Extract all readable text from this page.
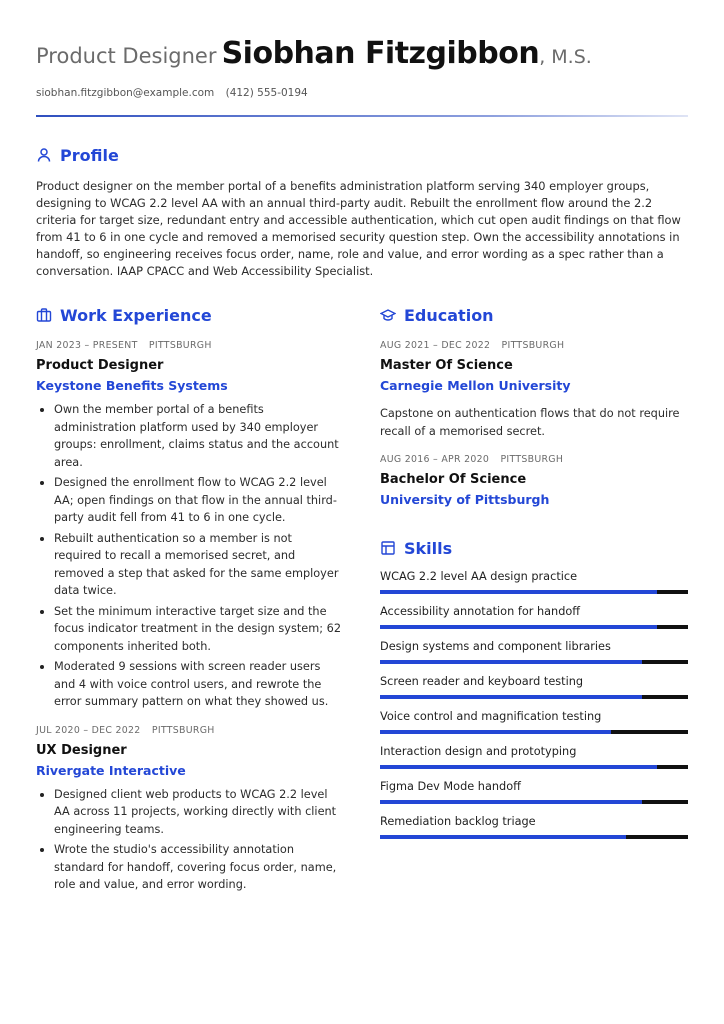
Product Designer Siobhan Fitzgibbon, M.S.
siobhan.fitzgibbon@example.com (412) 555-0194
Profile

Product designer on the member portal of a benefits administration platform serving 340 employer groups, designing to WCAG 2.2 level AA with an annual third-party audit. Rebuilt the enrollment flow around the 2.2 criteria for target size, redundant entry and accessible authentication, which cut open audit findings on that flow from 41 to 6 in one cycle and removed a memorised security question step. Own the accessibility annotations in handoff, so engineering receives focus order, name, role and value, and error wording as a spec rather than a conversation. IAAP CPACC and Web Accessibility Specialist.

Work Experience
JAN 2023 – PRESENT PITTSBURGH
Product Designer
Keystone Benefits Systems
Own the member portal of a benefits administration platform used by 340 employer groups: enrollment, claims status and the account area.
Designed the enrollment flow to WCAG 2.2 level AA; open findings on that flow in the annual third-party audit fell from 41 to 6 in one cycle.
Rebuilt authentication so a member is not required to recall a memorised secret, and removed a step that asked for the same employer data twice.
Set the minimum interactive target size and the focus indicator treatment in the design system; 62 components inherited both.
Moderated 9 sessions with screen reader users and 4 with voice control users, and rewrote the error summary pattern on what they showed us.
JUL 2020 – DEC 2022 PITTSBURGH
UX Designer
Rivergate Interactive
Designed client web products to WCAG 2.2 level AA across 11 projects, working directly with client engineering teams.
Wrote the studio's accessibility annotation standard for handoff, covering focus order, name, role and value, and error wording.
Education
AUG 2021 – DEC 2022 PITTSBURGH
Master Of Science
Carnegie Mellon University
Capstone on authentication flows that do not require recall of a memorised secret.
AUG 2016 – APR 2020 PITTSBURGH
Bachelor Of Science
University of Pittsburgh
Skills
WCAG 2.2 level AA design practice
Accessibility annotation for handoff
Design systems and component libraries
Screen reader and keyboard testing
Voice control and magnification testing
Interaction design and prototyping
Figma Dev Mode handoff
Remediation backlog triage
